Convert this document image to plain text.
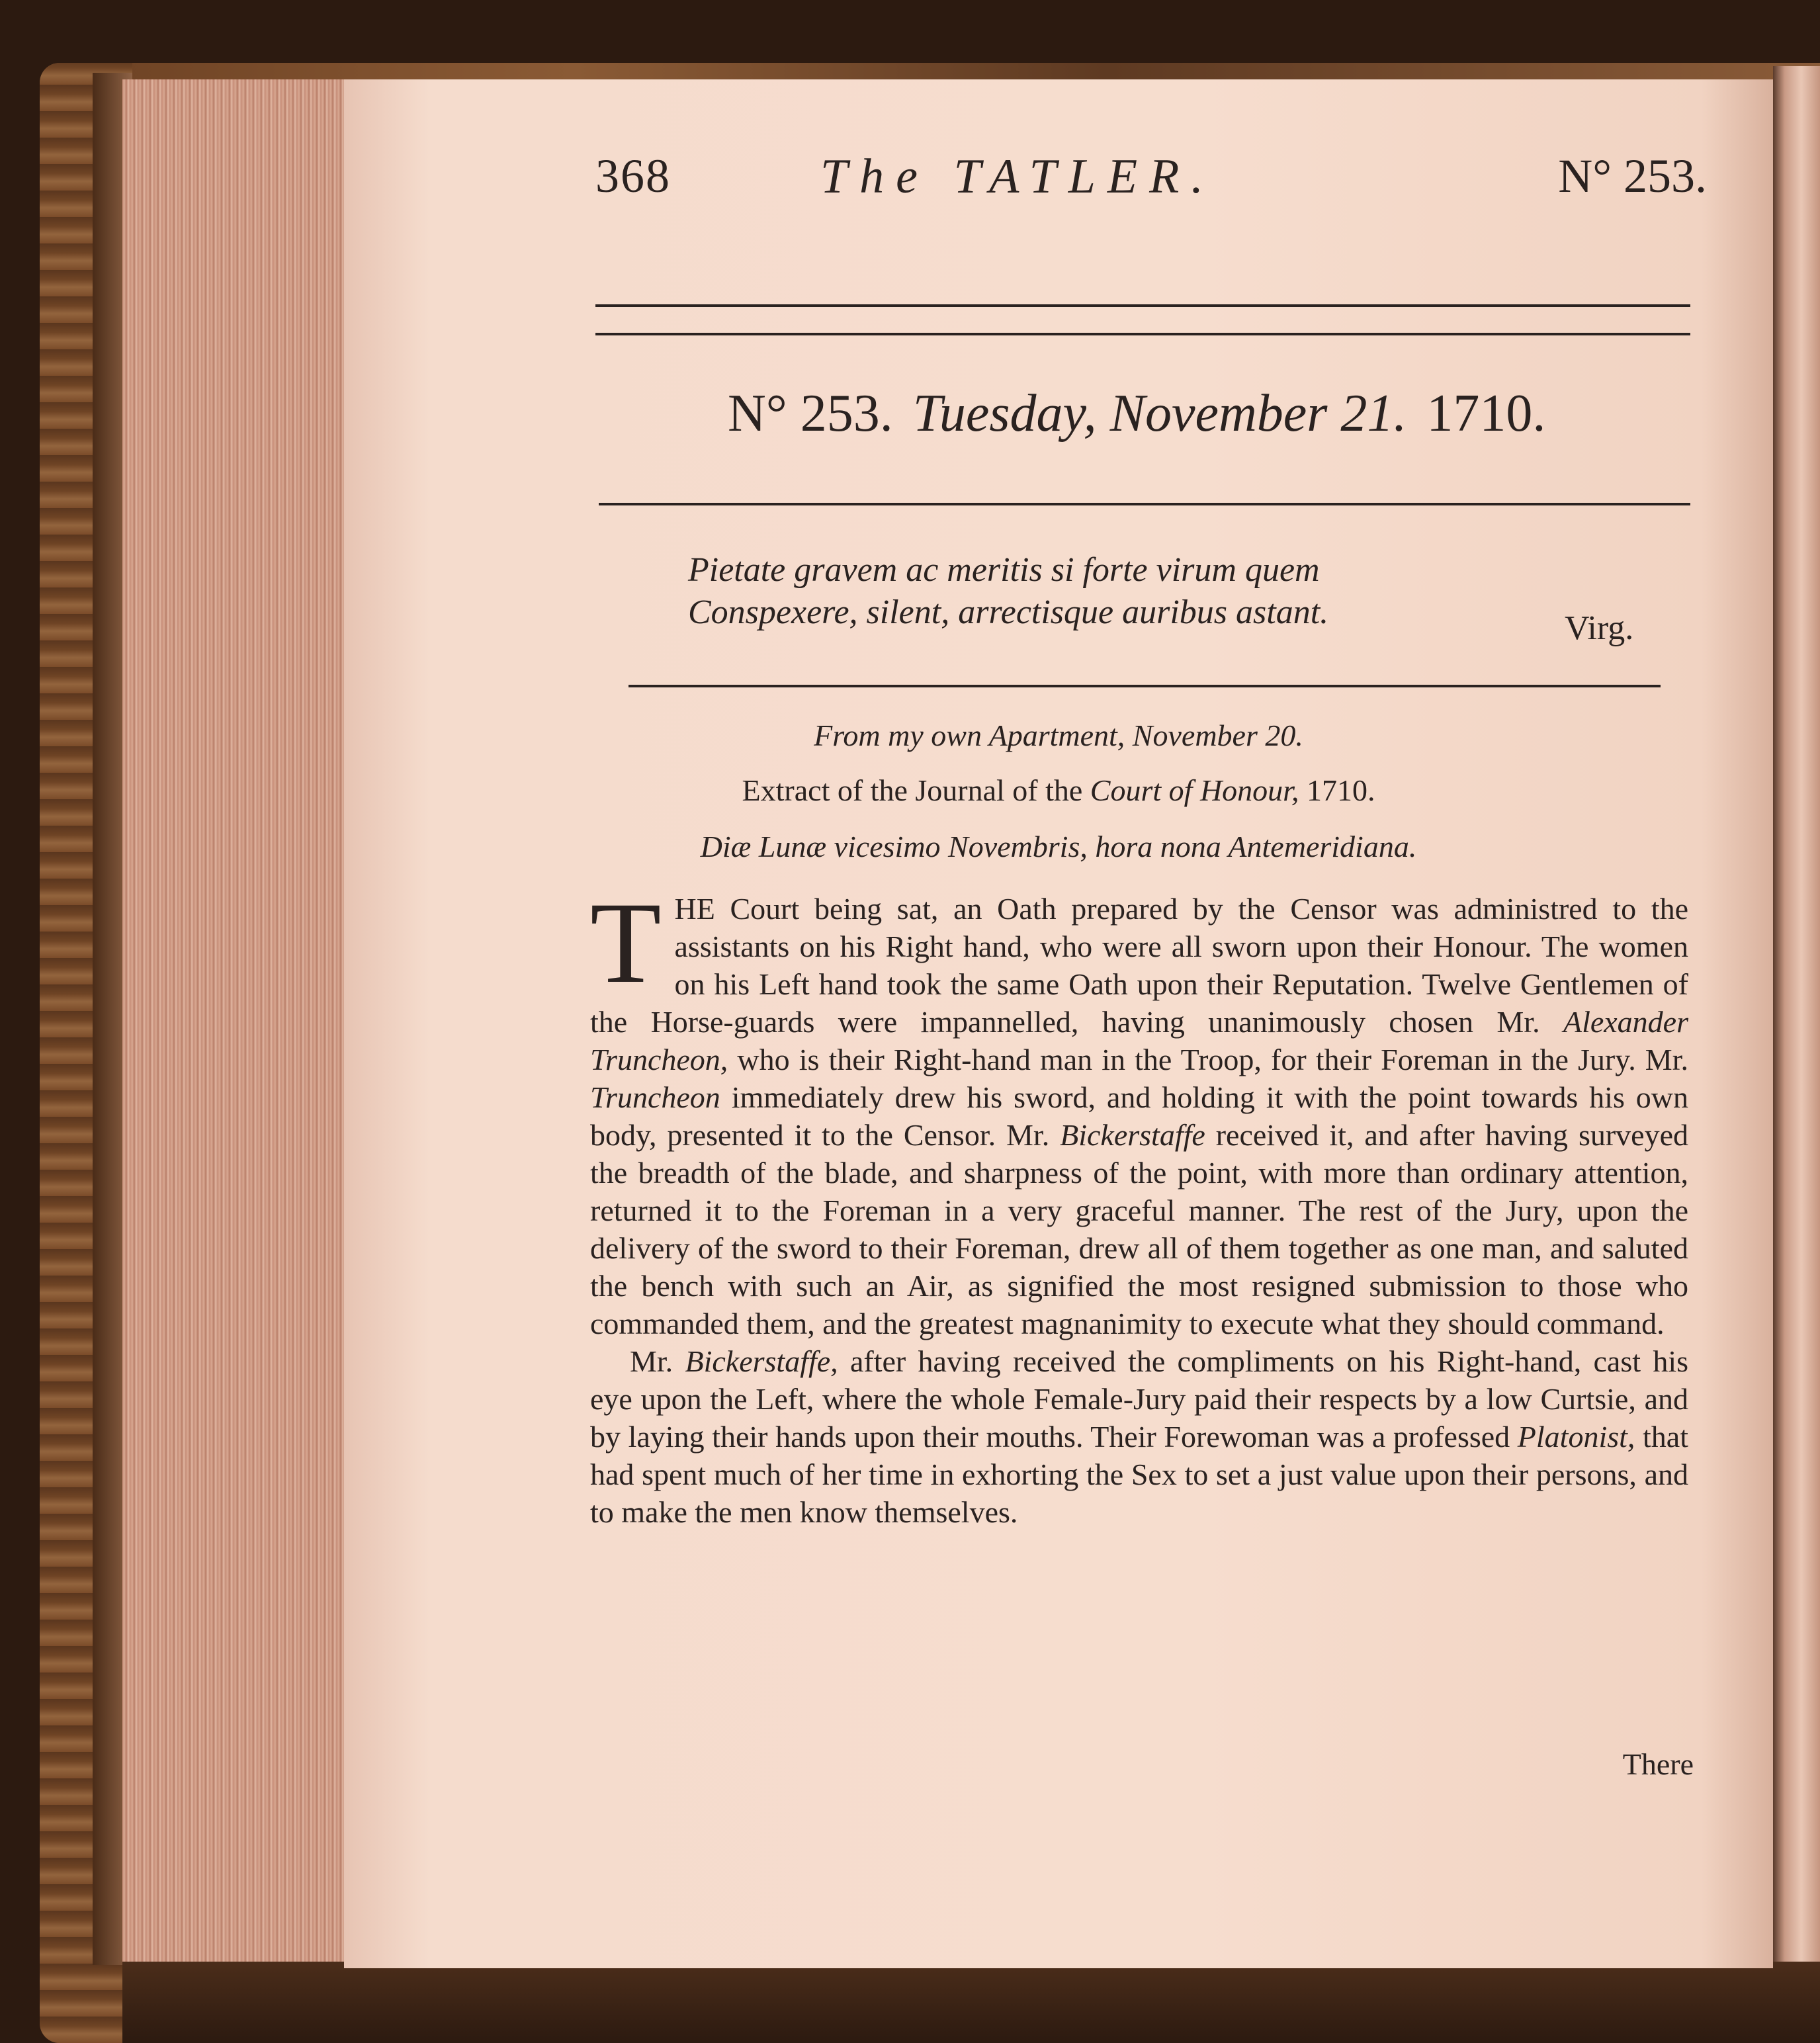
368	The TATLER.	N° 253.
N° 253. Tuesday, November 21. 1710.
Pietate gravem ac meritis si forte virum quem
Conspexere, silent, arrectisque auribus astant.	Virg.
From my own Apartment, November 20.
Extract of the Journal of the Court of Honour, 1710.
Diæ Lunæ vicesimo Novembris, hora nona Antemeridiana.

THE Court being sat, an Oath prepared by the Censor was administred to the assistants on his Right hand, who were all sworn upon their Honour. The women on his Left hand took the same Oath upon their Reputation. Twelve Gentlemen of the Horse-guards were impannelled, having unanimously chosen Mr. Alexander Truncheon, who is their Right-hand man in the Troop, for their Foreman in the Jury. Mr. Truncheon immediately drew his sword, and holding it with the point towards his own body, presented it to the Censor. Mr. Bickerstaffe received it, and after having surveyed the breadth of the blade, and sharpness of the point, with more than ordinary attention, returned it to the Foreman in a very graceful manner. The rest of the Jury, upon the delivery of the sword to their Foreman, drew all of them together as one man, and saluted the bench with such an Air, as signified the most resigned submission to those who commanded them, and the greatest magnanimity to execute what they should command.

Mr. Bickerstaffe, after having received the compliments on his Right-hand, cast his eye upon the Left, where the whole Female-Jury paid their respects by a low Curtsie, and by laying their hands upon their mouths. Their Forewoman was a professed Platonist, that had spent much of her time in exhorting the Sex to set a just value upon their persons, and to make the men know themselves.

There
